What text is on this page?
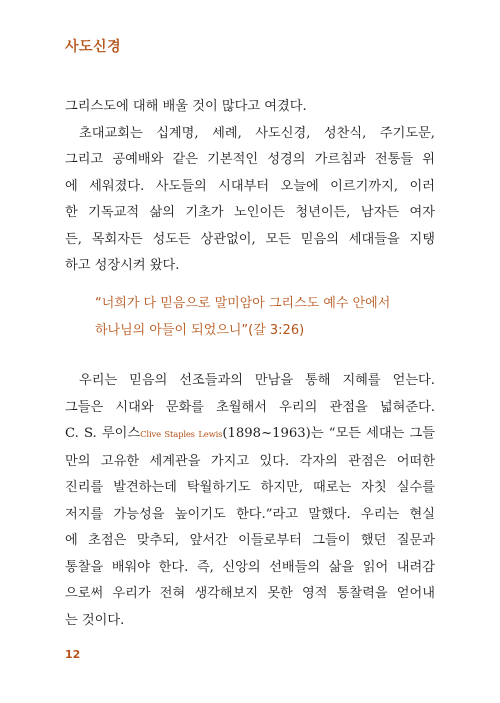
사도신경
그리스도에 대해 배울 것이 많다고 여겼다.
초대교회는 십계명, 세례, 사도신경, 성찬식, 주기도문,
그리고 공예배와 같은 기본적인 성경의 가르침과 전통들 위
에 세워졌다. 사도들의 시대부터 오늘에 이르기까지, 이러
한 기독교적 삶의 기초가 노인이든 청년이든, 남자든 여자
든, 목회자든 성도든 상관없이, 모든 믿음의 세대들을 지탱
하고 성장시켜 왔다.
“너희가 다 믿음으로 말미암아 그리스도 예수 안에서
하나님의 아들이 되었으니”(갈 3:26)
우리는 믿음의 선조들과의 만남을 통해 지혜를 얻는다.
그들은 시대와 문화를 초월해서 우리의 관점을 넓혀준다.
C. S. 루이스Clive Staples Lewis(1898~1963)는 “모든 세대는 그들
만의 고유한 세계관을 가지고 있다. 각자의 관점은 어떠한
진리를 발견하는데 탁월하기도 하지만, 때로는 자칫 실수를
저지를 가능성을 높이기도 한다.”라고 말했다. 우리는 현실
에 초점은 맞추되, 앞서간 이들로부터 그들이 했던 질문과
통찰을 배워야 한다. 즉, 신앙의 선배들의 삶을 읽어 내려감
으로써 우리가 전혀 생각해보지 못한 영적 통찰력을 얻어내
는 것이다.
12
